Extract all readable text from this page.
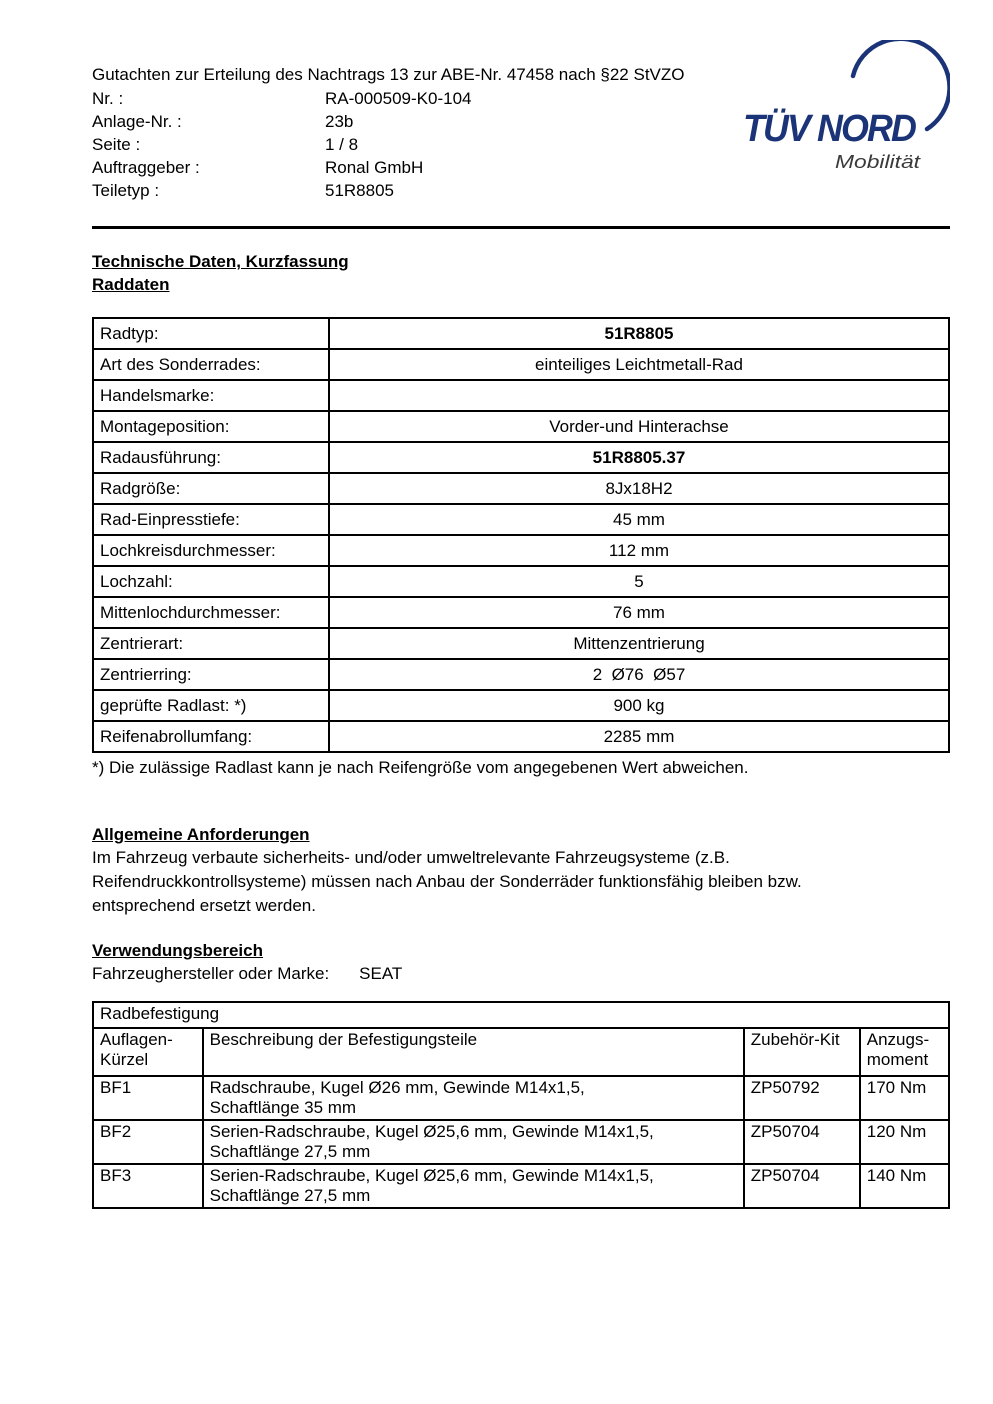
Gutachten zur Erteilung des Nachtrags 13 zur ABE-Nr. 47458 nach §22 StVZO
Nr. :	RA-000509-K0-104
Anlage-Nr. :	23b
Seite :	1 / 8
Auftraggeber :	Ronal GmbH
Teiletyp :	51R8805
TÜV NORD
Mobilität
Technische Daten, Kurzfassung
Raddaten
Radtyp:	51R8805
Art des Sonderrades:	einteiliges Leichtmetall-Rad
Handelsmarke:	
Montageposition:	Vorder-und Hinterachse
Radausführung:	51R8805.37
Radgröße:	8Jx18H2
Rad-Einpresstiefe:	45 mm
Lochkreisdurchmesser:	112 mm
Lochzahl:	5
Mittenlochdurchmesser:	76 mm
Zentrierart:	Mittenzentrierung
Zentrierring:	2  Ø76  Ø57
geprüfte Radlast: *)	900 kg
Reifenabrollumfang:	2285 mm
*) Die zulässige Radlast kann je nach Reifengröße vom angegebenen Wert abweichen.
Allgemeine Anforderungen
Im Fahrzeug verbaute sicherheits- und/oder umweltrelevante Fahrzeugsysteme (z.B.
Reifendruckkontrollsysteme) müssen nach Anbau der Sonderräder funktionsfähig bleiben bzw.
entsprechend ersetzt werden.
Verwendungsbereich
Fahrzeughersteller oder Marke: SEAT
Radbefestigung			
Auflagen-Kürzel	Beschreibung der Befestigungsteile	Zubehör-Kit	Anzugs-moment
BF1	Radschraube, Kugel Ø26 mm, Gewinde M14x1,5,
Schaftlänge 35 mm	ZP50792	170 Nm
BF2	Serien-Radschraube, Kugel Ø25,6 mm, Gewinde M14x1,5,
Schaftlänge 27,5 mm	ZP50704	120 Nm
BF3	Serien-Radschraube, Kugel Ø25,6 mm, Gewinde M14x1,5,
Schaftlänge 27,5 mm	ZP50704	140 Nm
